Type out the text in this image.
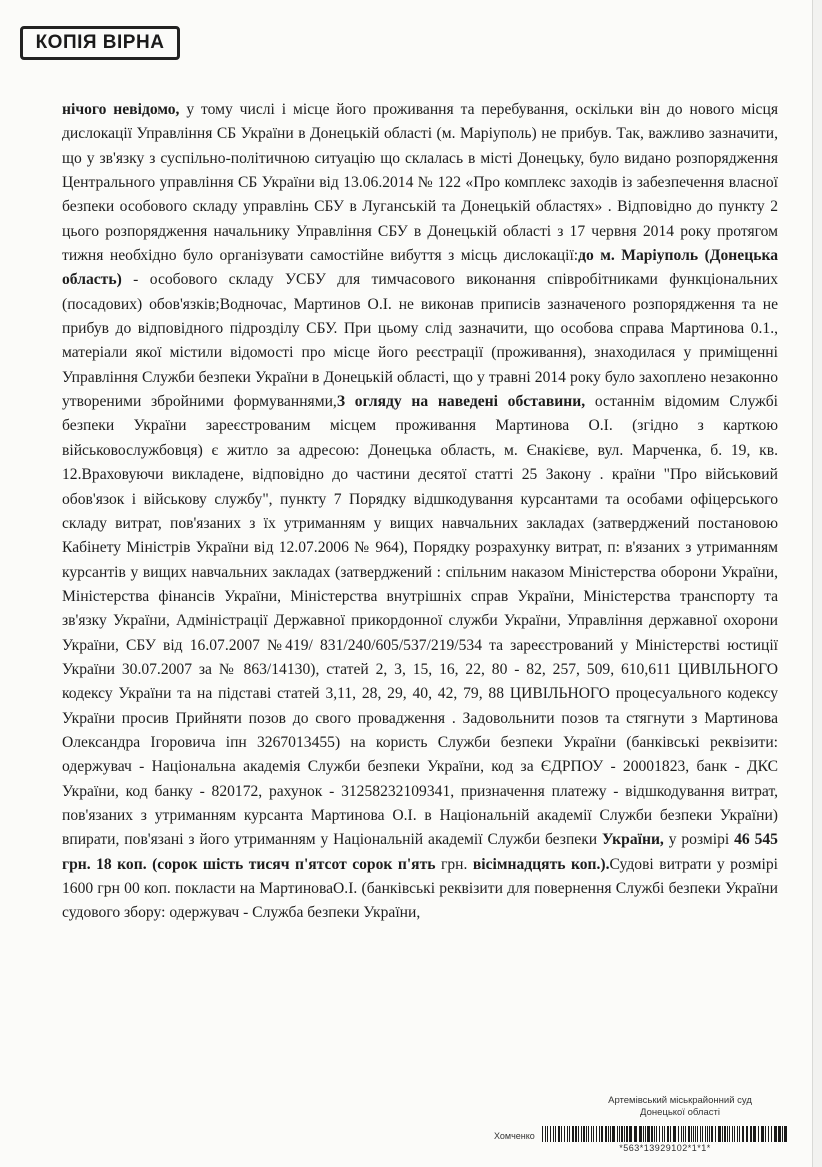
КОПІЯ ВІРНА
нічого невідомо, у тому числі і місце його проживання та перебування, оскільки він до нового місця дислокації Управління СБ України в Донецькій області (м. Маріуполь) не прибув. Так, важливо зазначити, що у зв'язку з суспільно-політичною ситуацію що склалась в місті Донецьку, було видано розпорядження Центрального управління СБ України від 13.06.2014 № 122 «Про комплекс заходів із забезпечення власної безпеки особового складу управлінь СБУ в Луганській та Донецькій областях» . Відповідно до пункту 2 цього розпорядження начальнику Управління СБУ в Донецькій області з 17 червня 2014 року протягом тижня необхідно було організувати самостійне вибуття з місць дислокації:до м. Маріуполь (Донецька область) - особового складу УСБУ для тимчасового виконання співробітниками функціональних (посадових) обов'язків;Водночас, Мартинов О.І. не виконав приписів зазначеного розпорядження та не прибув до відповідного підрозділу СБУ. При цьому слід зазначити, що особова справа Мартинова 0.1., матеріали якої містили відомості про місце його реєстрації (проживання), знаходилася у приміщенні Управління Служби безпеки України в Донецькій області, що у травні 2014 року було захоплено незаконно утвореними збройними формуваннями,З огляду на наведені обставини, останнім відомим Службі безпеки України зареєстрованим місцем проживання Мартинова О.І. (згідно з карткою військовослужбовця) є житло за адресою: Донецька область, м. Єнакієве, вул. Марченка, б. 19, кв. 12.Враховуючи викладене, відповідно до частини десятої статті 25 Закону . країни "Про військовий обов'язок і військову службу", пункту 7 Порядку відшкодування курсантами та особами офіцерського складу витрат, пов'язаних з їх утриманням у вищих навчальних закладах (затверджений постановою Кабінету Міністрів України від 12.07.2006 № 964), Порядку розрахунку витрат, п: в'язаних з утриманням курсантів у вищих навчальних закладах (затверджений : спільним наказом Міністерства оборони України, Міністерства фінансів України, Міністерства внутрішніх справ України, Міністерства транспорту та зв'язку України, Адміністрації Державної прикордонної служби України, Управління державної охорони України, СБУ від 16.07.2007 №419/ 831/240/605/537/219/534 та зареєстрований у Міністерстві юстиції України 30.07.2007 за № 863/14130), статей 2, 3, 15, 16, 22, 80 - 82, 257, 509, 610,611 ЦИВІЛЬНОГО кодексу України та на підставі статей 3,11, 28, 29, 40, 42, 79, 88 ЦИВІЛЬНОГО процесуального кодексу України просив Прийняти позов до свого провадження . Задовольнити позов та стягнути з Мартинова Олександра Ігоровича іпн 3267013455) на користь Служби безпеки України (банківські реквізити: одержувач - Національна академія Служби безпеки України, код за ЄДРПОУ - 20001823, банк - ДКС України, код банку - 820172, рахунок - 31258232109341, призначення платежу - відшкодування витрат, пов'язаних з утриманням курсанта Мартинова О.І. в Національній академії Служби безпеки України) впирати, пов'язані з його утриманням у Національній академії Служби безпеки України, у розмірі 46 545 грн. 18 коп. (сорок шість тисяч п'ятсот сорок п'ять грн. вісімнадцять коп.).Судові витрати у розмірі 1600 грн 00 коп. покласти на МартиноваО.І. (банківські реквізити для повернення Службі безпеки України судового збору: одержувач - Служба безпеки України,
Артемівський міськрайонний суд
Донецької області
Хомченко
*563*13929102*1*1*
